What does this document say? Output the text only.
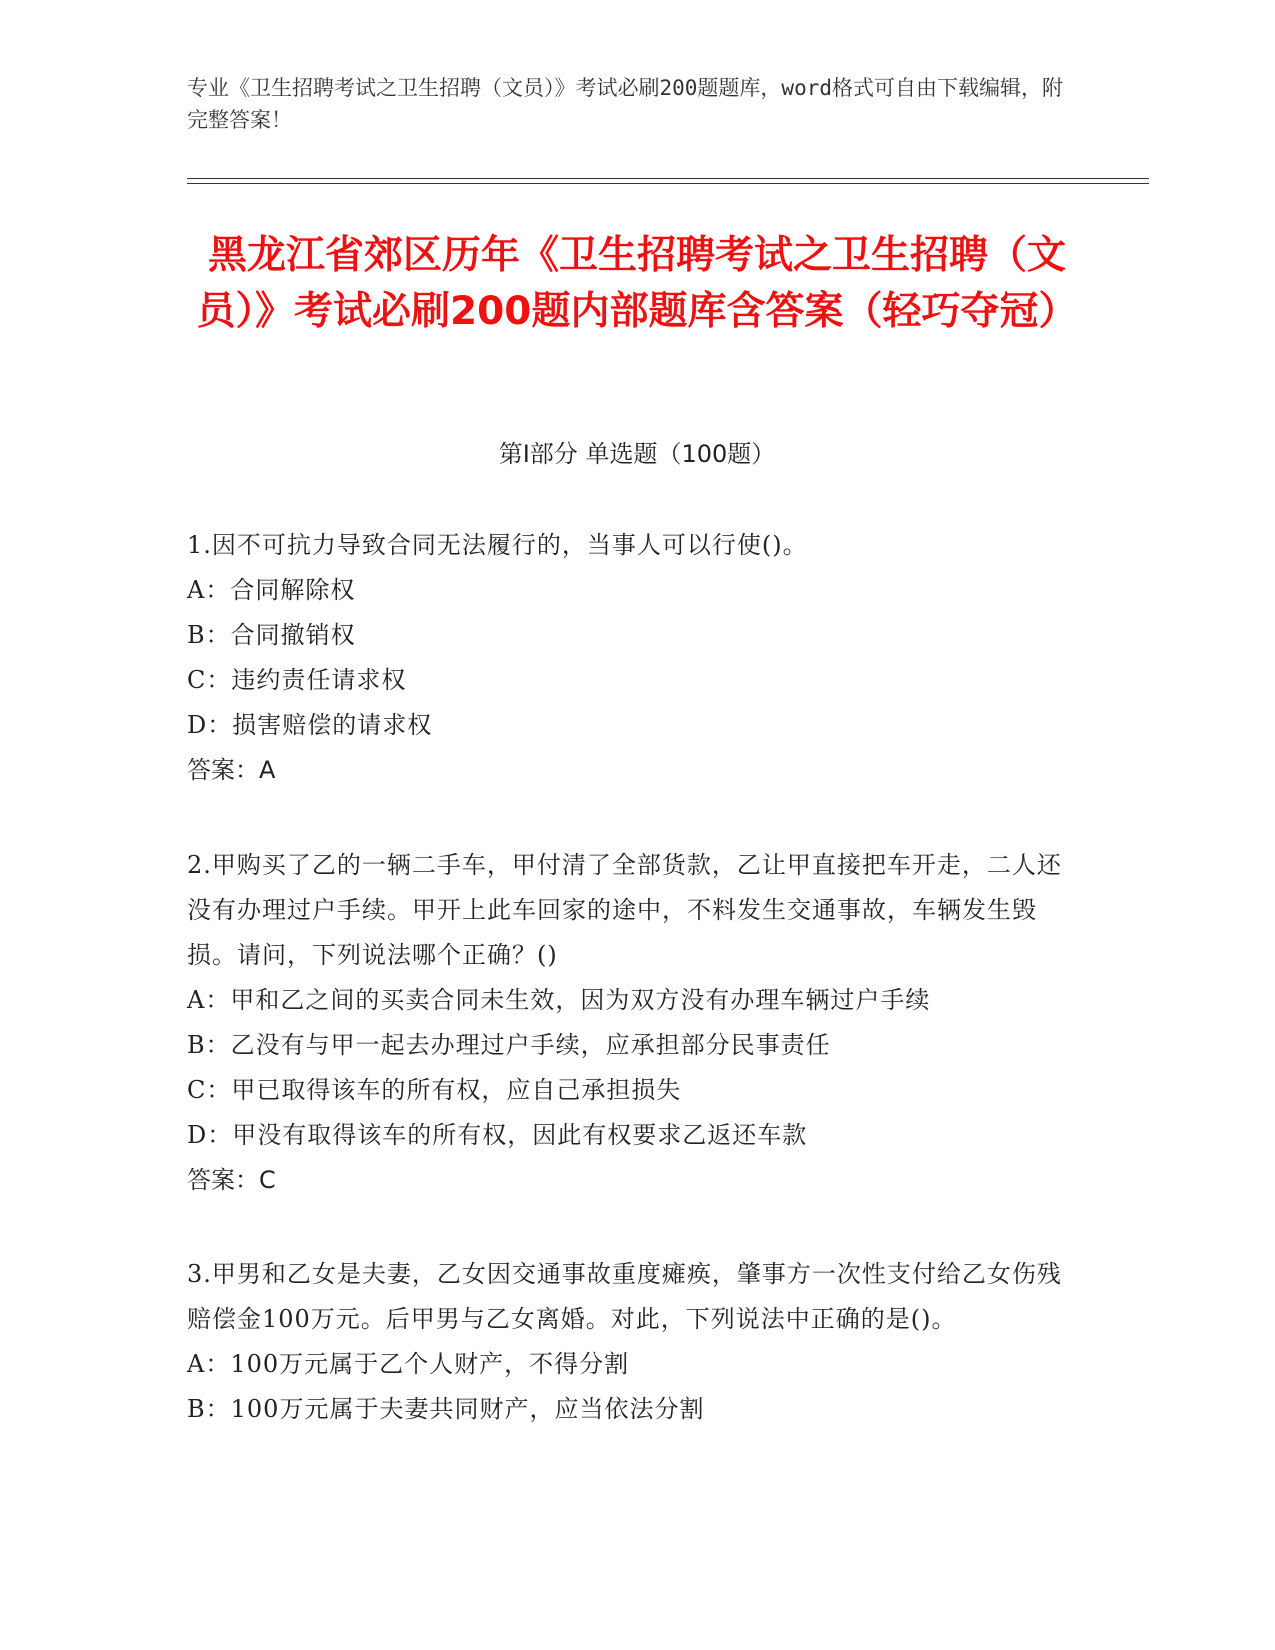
专业《卫生招聘考试之卫生招聘（文员）》考试必刷200题题库，word格式可自由下载编辑，附完整答案！
黑龙江省郊区历年《卫生招聘考试之卫生招聘（文员）》考试必刷200题内部题库含答案（轻巧夺冠）
第Ⅰ部分 单选题（100题）

1.因不可抗力导致合同无法履行的，当事人可以行使()。

A：合同解除权

B：合同撤销权

C：违约责任请求权

D：损害赔偿的请求权

答案：A

2.甲购买了乙的一辆二手车，甲付清了全部货款，乙让甲直接把车开走，二人还没有办理过户手续。甲开上此车回家的途中，不料发生交通事故，车辆发生毁损。请问，下列说法哪个正确？()

A：甲和乙之间的买卖合同未生效，因为双方没有办理车辆过户手续

B：乙没有与甲一起去办理过户手续，应承担部分民事责任

C：甲已取得该车的所有权，应自己承担损失

D：甲没有取得该车的所有权，因此有权要求乙返还车款

答案：C

3.甲男和乙女是夫妻，乙女因交通事故重度瘫痪，肇事方一次性支付给乙女伤残赔偿金100万元。后甲男与乙女离婚。对此，下列说法中正确的是()。

A：100万元属于乙个人财产，不得分割

B：100万元属于夫妻共同财产，应当依法分割
